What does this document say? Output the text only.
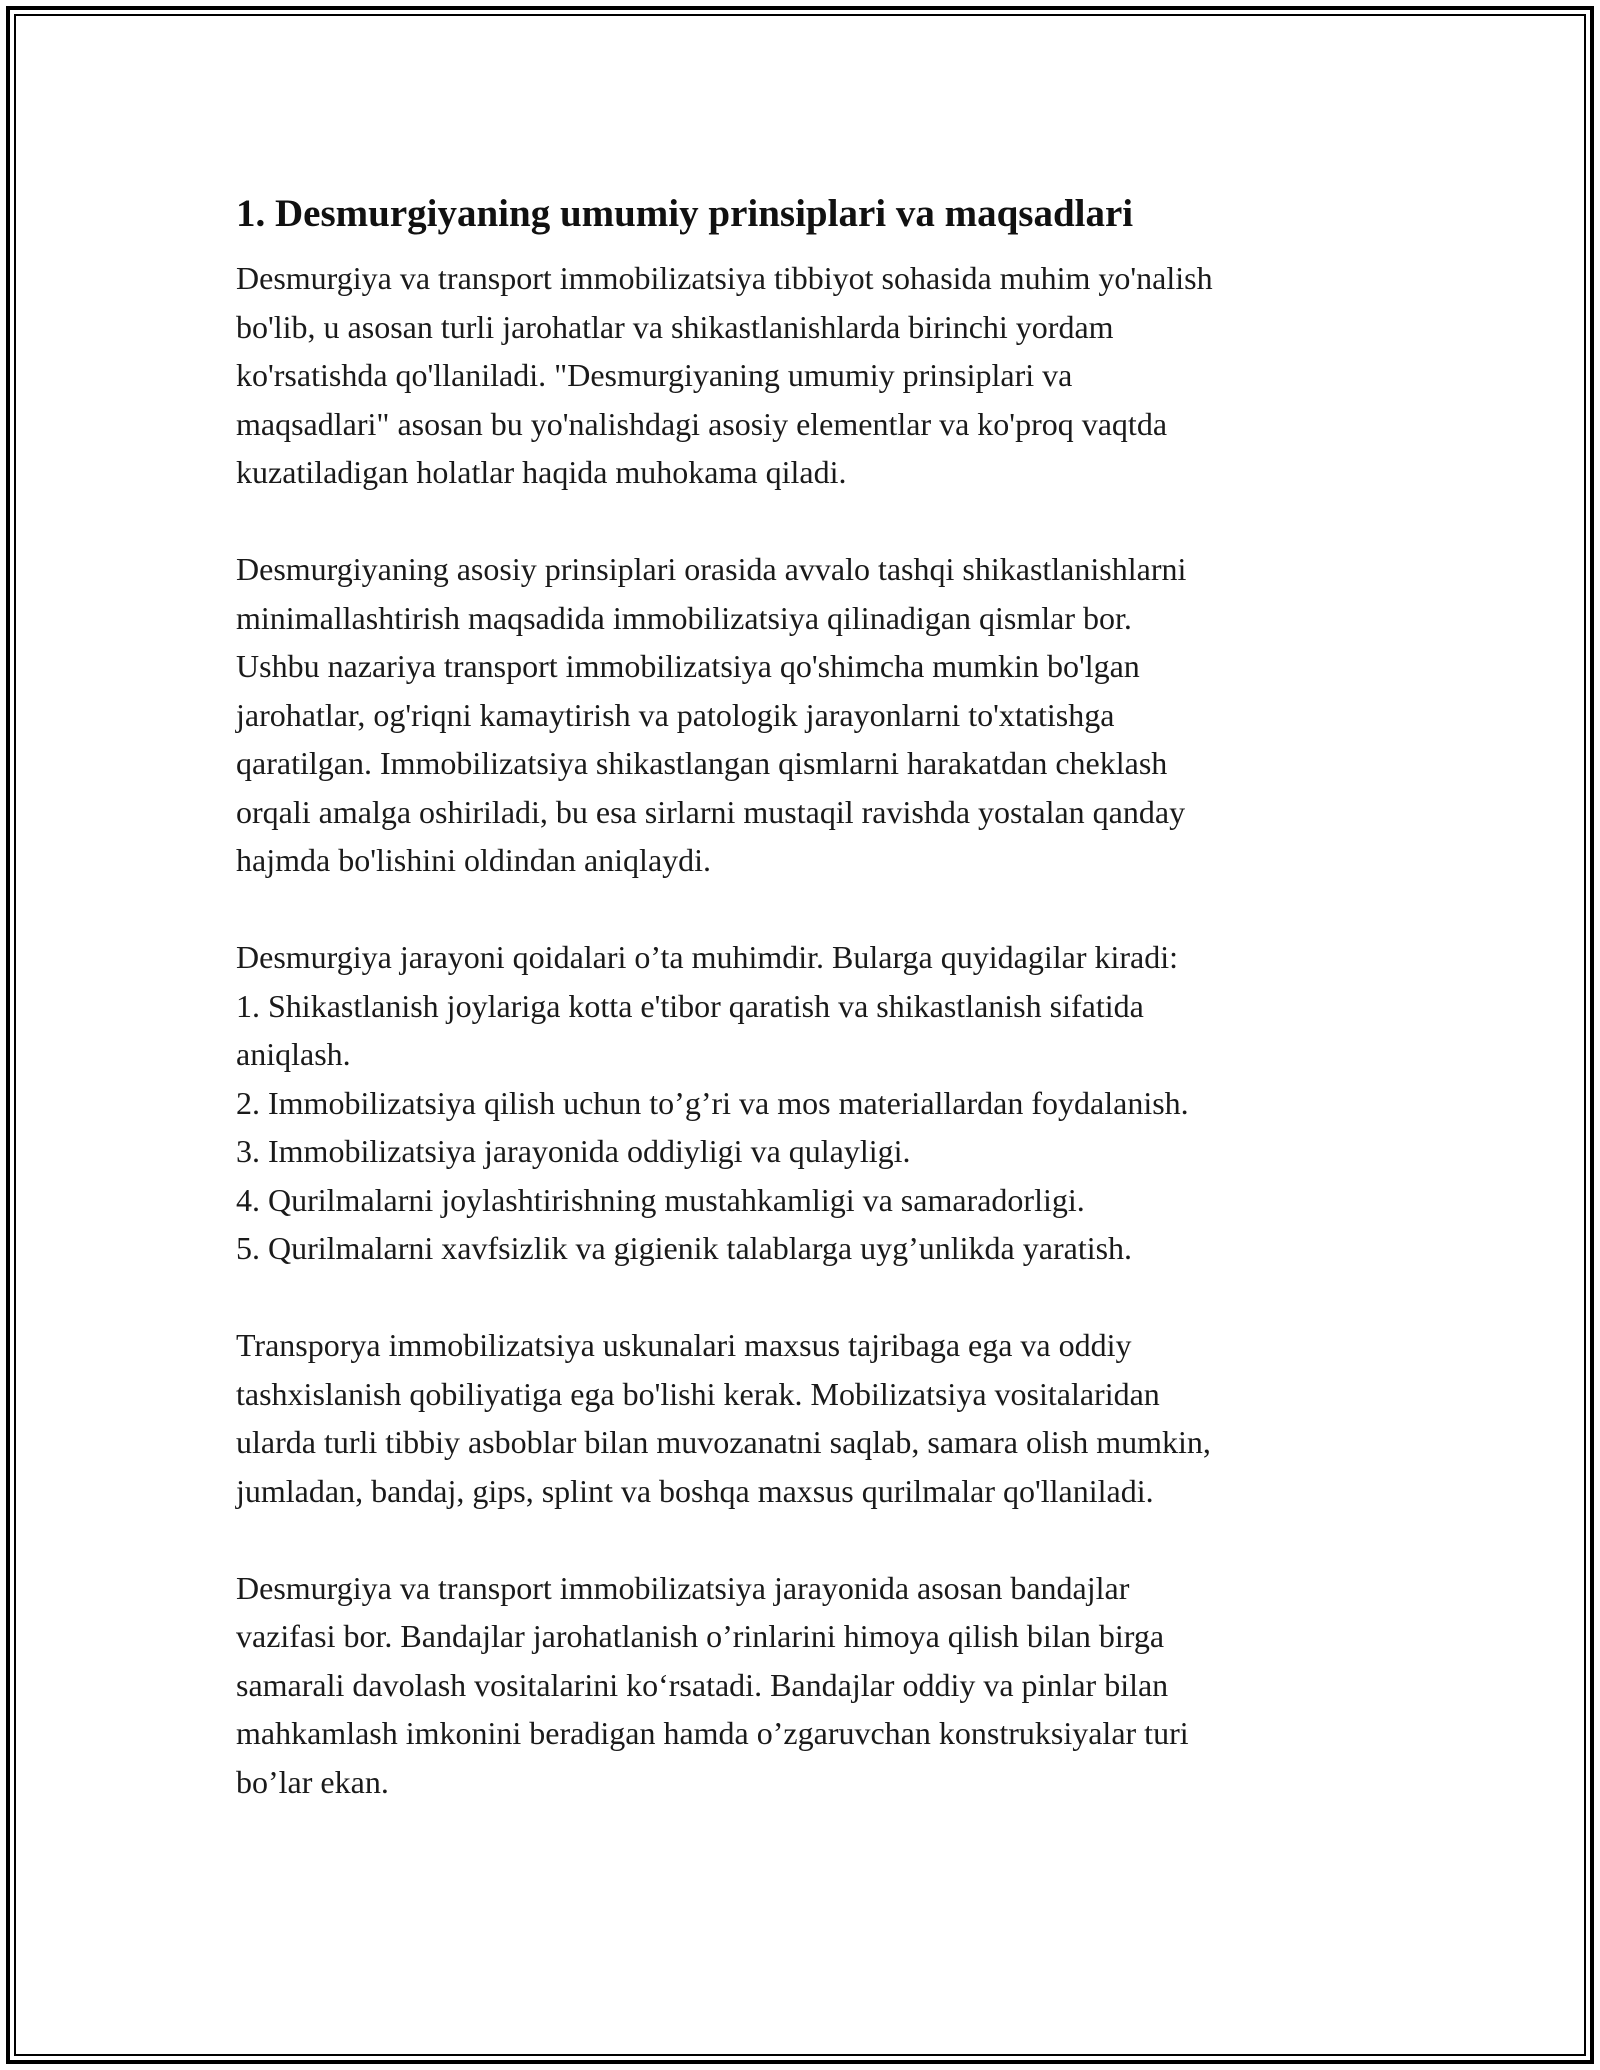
1. Desmurgiyaning umumiy prinsiplari va maqsadlari

Desmurgiya va transport immobilizatsiya tibbiyot sohasida muhim yo'nalish
bo'lib, u asosan turli jarohatlar va shikastlanishlarda birinchi yordam
ko'rsatishda qo'llaniladi. "Desmurgiyaning umumiy prinsiplari va
maqsadlari" asosan bu yo'nalishdagi asosiy elementlar va ko'proq vaqtda
kuzatiladigan holatlar haqida muhokama qiladi.

Desmurgiyaning asosiy prinsiplari orasida avvalo tashqi shikastlanishlarni
minimallashtirish maqsadida immobilizatsiya qilinadigan qismlar bor.
Ushbu nazariya transport immobilizatsiya qo'shimcha mumkin bo'lgan
jarohatlar, og'riqni kamaytirish va patologik jarayonlarni to'xtatishga
qaratilgan. Immobilizatsiya shikastlangan qismlarni harakatdan cheklash
orqali amalga oshiriladi, bu esa sirlarni mustaqil ravishda yostalan qanday
hajmda bo'lishini oldindan aniqlaydi.

Desmurgiya jarayoni qoidalari o’ta muhimdir. Bularga quyidagilar kiradi:
1. Shikastlanish joylariga kotta e'tibor qaratish va shikastlanish sifatida
aniqlash.
2. Immobilizatsiya qilish uchun to’g’ri va mos materiallardan foydalanish.
3. Immobilizatsiya jarayonida oddiyligi va qulayligi.
4. Qurilmalarni joylashtirishning mustahkamligi va samaradorligi.
5. Qurilmalarni xavfsizlik va gigienik talablarga uyg’unlikda yaratish.

Transporya immobilizatsiya uskunalari maxsus tajribaga ega va oddiy
tashxislanish qobiliyatiga ega bo'lishi kerak. Mobilizatsiya vositalaridan
ularda turli tibbiy asboblar bilan muvozanatni saqlab, samara olish mumkin,
jumladan, bandaj, gips, splint va boshqa maxsus qurilmalar qo'llaniladi.

Desmurgiya va transport immobilizatsiya jarayonida asosan bandajlar
vazifasi bor. Bandajlar jarohatlanish o’rinlarini himoya qilish bilan birga
samarali davolash vositalarini ko‘rsatadi. Bandajlar oddiy va pinlar bilan
mahkamlash imkonini beradigan hamda o’zgaruvchan konstruksiyalar turi
bo’lar ekan.
